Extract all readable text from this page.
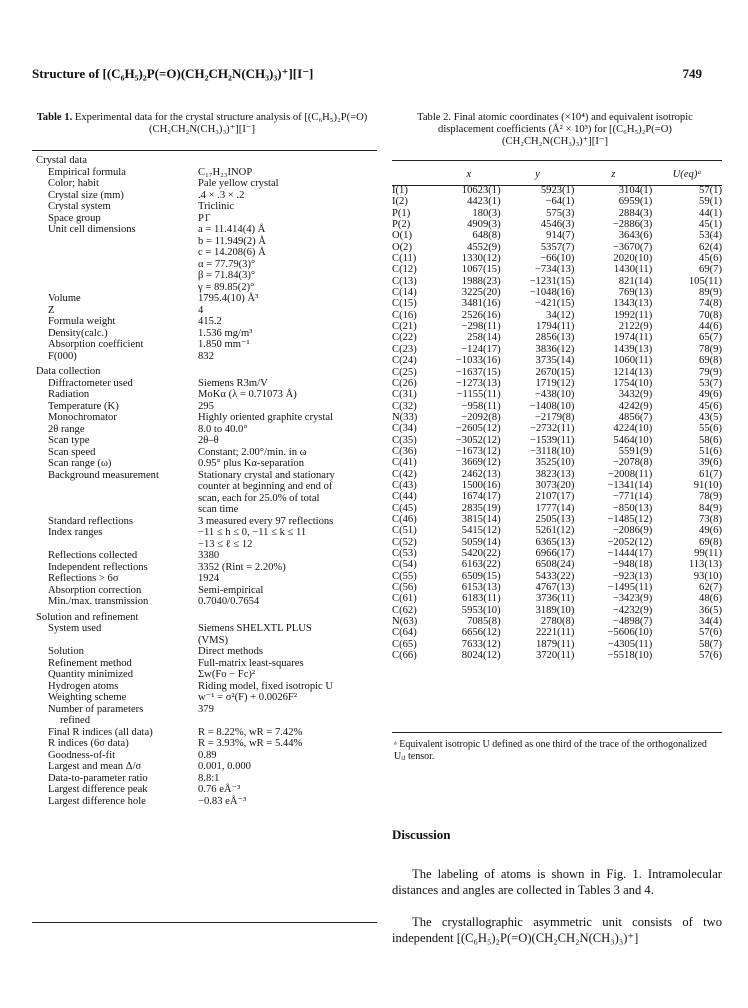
Structure of [(C₆H₅)₂P(=O)(CH₂CH₂N(CH₃)₃)⁺][I⁻]	749
Table 1. Experimental data for the crystal structure analysis of [(C₆H₅)₂P(=O)(CH₂CH₂N(CH₃)₃)⁺][I⁻]
Crystal data
Empirical formula	C₁₇H₂₃INOP
Color; habit	Pale yellow crystal
Crystal size (mm)	.4 × .3 × .2
Crystal system	Triclinic
Space group	P1̄
Unit cell dimensions	a = 11.414(4) Å
b = 11.949(2) Å
c = 14.208(6) Å
α = 77.79(3)°
β = 71.84(3)°
γ = 89.85(2)°
Volume	1795.4(10) Å³
Z	4
Formula weight	415.2
Density(calc.)	1.536 mg/m³
Absorption coefficient	1.850 mm⁻¹
F(000)	832
Data collection
Diffractometer used	Siemens R3m/V
Radiation	MoKα (λ = 0.71073 Å)
Temperature (K)	295
Monochromator	Highly oriented graphite crystal
2θ range	8.0 to 40.0°
Scan type	2θ–θ
Scan speed	Constant; 2.00°/min. in ω
Scan range (ω)	0.95° plus Kα-separation
Background measurement	Stationary crystal and stationary
counter at beginning and end of
scan, each for 25.0% of total
scan time
Standard reflections	3 measured every 97 reflections
Index ranges	−11 ≤ h ≤ 0, −11 ≤ k ≤ 11
−13 ≤ ℓ ≤ 12
Reflections collected	3380
Independent reflections	3352 (Rint = 2.20%)
Reflections > 6σ	1924
Absorption correction	Semi-empirical
Min./max. transmission	0.7040/0.7654
Solution and refinement
System used	Siemens SHELXTL PLUS
(VMS)
Solution	Direct methods
Refinement method	Full-matrix least-squares
Quantity minimized	Σw(Fo − Fc)²
Hydrogen atoms	Riding model, fixed isotropic U
Weighting scheme	w⁻¹ = σ²(F) + 0.0026F²
Number of parameters	379
refined
Final R indices (all data)	R = 8.22%, wR = 7.42%
R indices (6σ data)	R = 3.93%, wR = 5.44%
Goodness-of-fit	0.89
Largest and mean Δ/σ	0.001, 0.000
Data-to-parameter ratio	8.8:1
Largest difference peak	0.76 eÅ⁻³
Largest difference hole	−0.83 eÅ⁻³
Table 2. Final atomic coordinates (×10⁴) and equivalent isotropic displacement coefficients (Å² × 10³) for [(C₆H₅)₂P(=O)(CH₂CH₂N(CH₃)₃)⁺][I⁻]
	x	y	z	U(eq)ᵃ
I(1)	10623(1)	5923(1)	3104(1)	57(1)
I(2)	4423(1)	−64(1)	6959(1)	59(1)
P(1)	180(3)	575(3)	2884(3)	44(1)
P(2)	4909(3)	4546(3)	−2886(3)	45(1)
O(1)	648(8)	914(7)	3643(6)	53(4)
O(2)	4552(9)	5357(7)	−3670(7)	62(4)
C(11)	1330(12)	−66(10)	2020(10)	45(6)
C(12)	1067(15)	−734(13)	1430(11)	69(7)
C(13)	1988(23)	−1231(15)	821(14)	105(11)
C(14)	3225(20)	−1048(16)	769(13)	89(9)
C(15)	3481(16)	−421(15)	1343(13)	74(8)
C(16)	2526(16)	34(12)	1992(11)	70(8)
C(21)	−298(11)	1794(11)	2122(9)	44(6)
C(22)	258(14)	2856(13)	1974(11)	65(7)
C(23)	−124(17)	3836(12)	1439(13)	78(9)
C(24)	−1033(16)	3735(14)	1060(11)	69(8)
C(25)	−1637(15)	2670(15)	1214(13)	79(9)
C(26)	−1273(13)	1719(12)	1754(10)	53(7)
C(31)	−1155(11)	−438(10)	3432(9)	49(6)
C(32)	−958(11)	−1408(10)	4242(9)	45(6)
N(33)	−2092(8)	−2179(8)	4856(7)	43(5)
C(34)	−2605(12)	−2732(11)	4224(10)	55(6)
C(35)	−3052(12)	−1539(11)	5464(10)	58(6)
C(36)	−1673(12)	−3118(10)	5591(9)	51(6)
C(41)	3669(12)	3525(10)	−2078(8)	39(6)
C(42)	2462(13)	3823(13)	−2008(11)	61(7)
C(43)	1500(16)	3073(20)	−1341(14)	91(10)
C(44)	1674(17)	2107(17)	−771(14)	78(9)
C(45)	2835(19)	1777(14)	−850(13)	84(9)
C(46)	3815(14)	2505(13)	−1485(12)	73(8)
C(51)	5415(12)	5261(12)	−2086(9)	49(6)
C(52)	5059(14)	6365(13)	−2052(12)	69(8)
C(53)	5420(22)	6966(17)	−1444(17)	99(11)
C(54)	6163(22)	6508(24)	−948(18)	113(13)
C(55)	6509(15)	5433(22)	−923(13)	93(10)
C(56)	6153(13)	4767(13)	−1495(11)	62(7)
C(61)	6183(11)	3736(11)	−3423(9)	48(6)
C(62)	5953(10)	3189(10)	−4232(9)	36(5)
N(63)	7085(8)	2780(8)	−4898(7)	34(4)
C(64)	6656(12)	2221(11)	−5606(10)	57(6)
C(65)	7633(12)	1879(11)	−4305(11)	58(7)
C(66)	8024(12)	3720(11)	−5518(10)	57(6)
ᵃ Equivalent isotropic U defined as one third of the trace of the orthogonalized Uᵢⱼ tensor.
Discussion
The labeling of atoms is shown in Fig. 1. Intramolecular distances and angles are collected in Tables 3 and 4.
The crystallographic asymmetric unit consists of two independent [(C₆H₅)₂P(=O)(CH₂CH₂N(CH₃)₃)⁺]
